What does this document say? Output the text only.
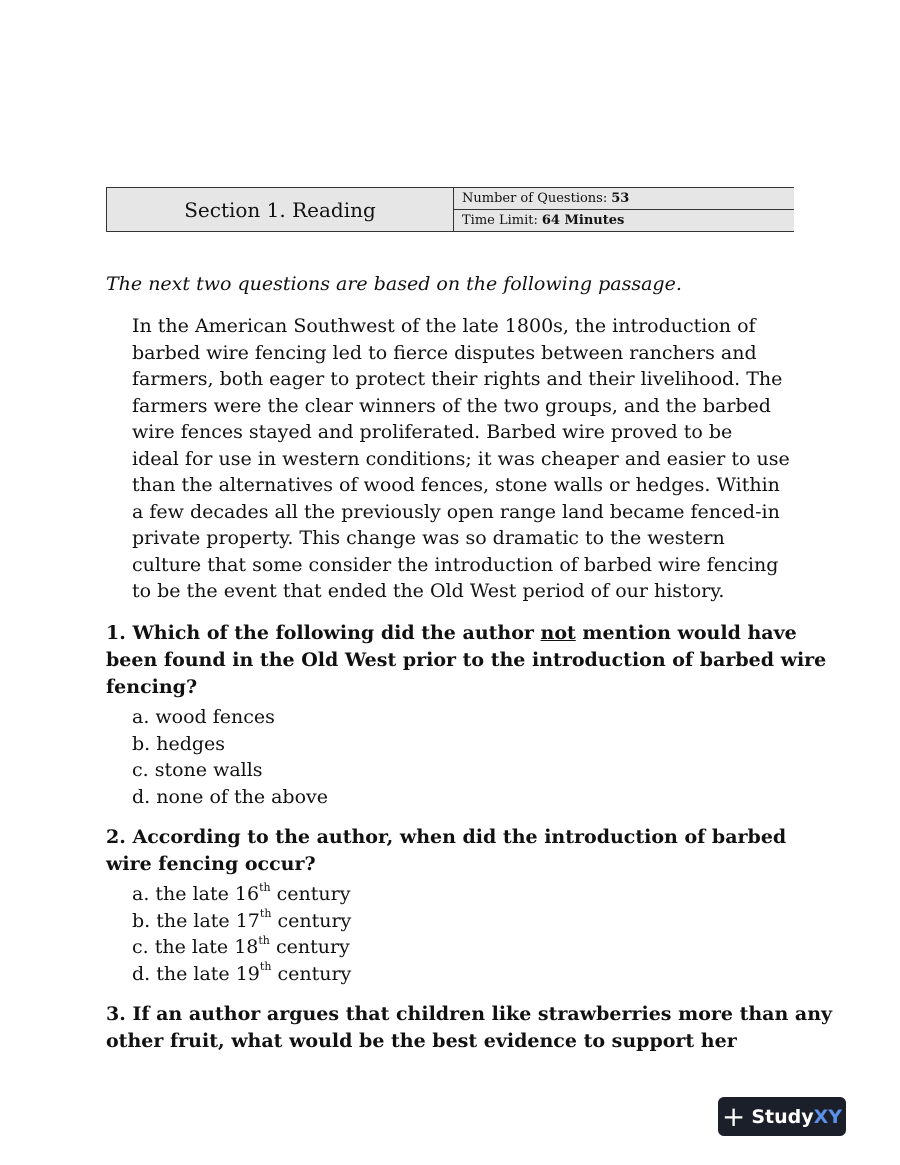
Section 1. Reading	Number of Questions: 53
Time Limit: 64 Minutes
The next two questions are based on the following passage.

In the American Southwest of the late 1800s, the introduction of

barbed wire fencing led to fierce disputes between ranchers and

farmers, both eager to protect their rights and their livelihood. The

farmers were the clear winners of the two groups, and the barbed

wire fences stayed and proliferated. Barbed wire proved to be

ideal for use in western conditions; it was cheaper and easier to use

than the alternatives of wood fences, stone walls or hedges. Within

a few decades all the previously open range land became fenced-in

private property. This change was so dramatic to the western

culture that some consider the introduction of barbed wire fencing

to be the event that ended the Old West period of our history.

1. Which of the following did the author not mention would have

been found in the Old West prior to the introduction of barbed wire

fencing?

a. wood fences
b. hedges
c. stone walls
d. none of the above

2. According to the author, when did the introduction of barbed

wire fencing occur?

a. the late 16th century
b. the late 17th century
c. the late 18th century
d. the late 19th century

3. If an author argues that children like strawberries more than any

other fruit, what would be the best evidence to support her

+ Study XY
